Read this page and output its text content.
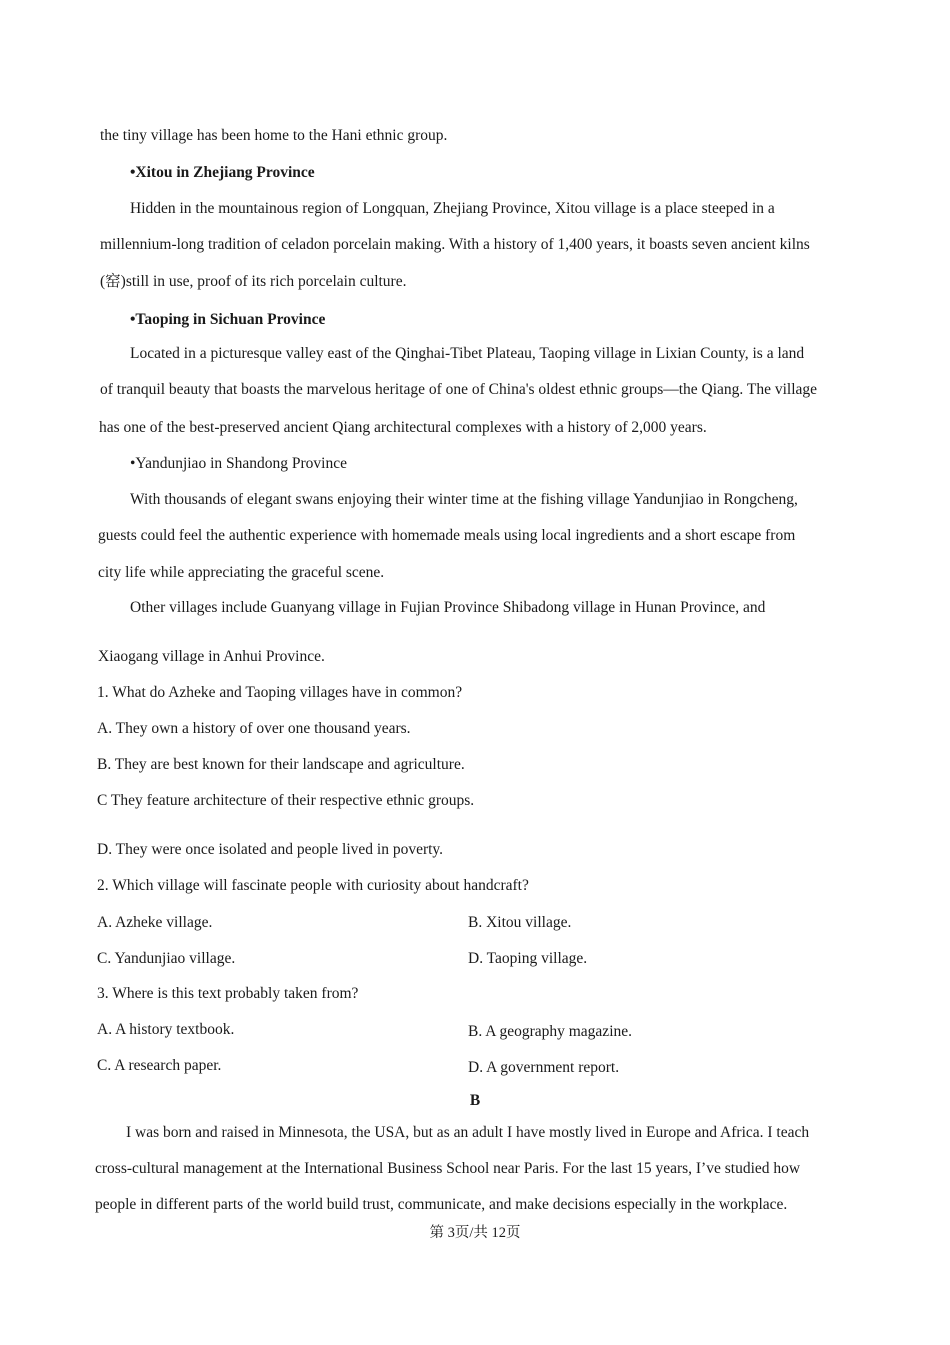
the tiny village has been home to the Hani ethnic group.
•Xitou in Zhejiang Province
Hidden in the mountainous region of Longquan, Zhejiang Province, Xitou village is a place steeped in a
millennium-long tradition of celadon porcelain making. With a history of 1,400 years, it boasts seven ancient kilns
(窑)still in use, proof of its rich porcelain culture.
•Taoping in Sichuan Province
Located in a picturesque valley east of the Qinghai-Tibet Plateau, Taoping village in Lixian County, is a land
of tranquil beauty that boasts the marvelous heritage of one of China's oldest ethnic groups—the Qiang. The village
has one of the best-preserved ancient Qiang architectural complexes with a history of 2,000 years.
•Yandunjiao in Shandong Province
With thousands of elegant swans enjoying their winter time at the fishing village Yandunjiao in Rongcheng,
guests could feel the authentic experience with homemade meals using local ingredients and a short escape from
city life while appreciating the graceful scene.
Other villages include Guanyang village in Fujian Province Shibadong village in Hunan Province, and
Xiaogang village in Anhui Province.
1. What do Azheke and Taoping villages have in common?
A. They own a history of over one thousand years.
B. They are best known for their landscape and agriculture.
C They feature architecture of their respective ethnic groups.
D. They were once isolated and people lived in poverty.
2. Which village will fascinate people with curiosity about handcraft?
A. Azheke village.	B. Xitou village.
C. Yandunjiao village.	D. Taoping village.
3. Where is this text probably taken from?
A. A history textbook.	B. A geography magazine.
C. A research paper.	D. A government report.
B
I was born and raised in Minnesota, the USA, but as an adult I have mostly lived in Europe and Africa. I teach
cross-cultural management at the International Business School near Paris. For the last 15 years, I’ve studied how
people in different parts of the world build trust, communicate, and make decisions especially in the workplace.
第 3页/共 12页
